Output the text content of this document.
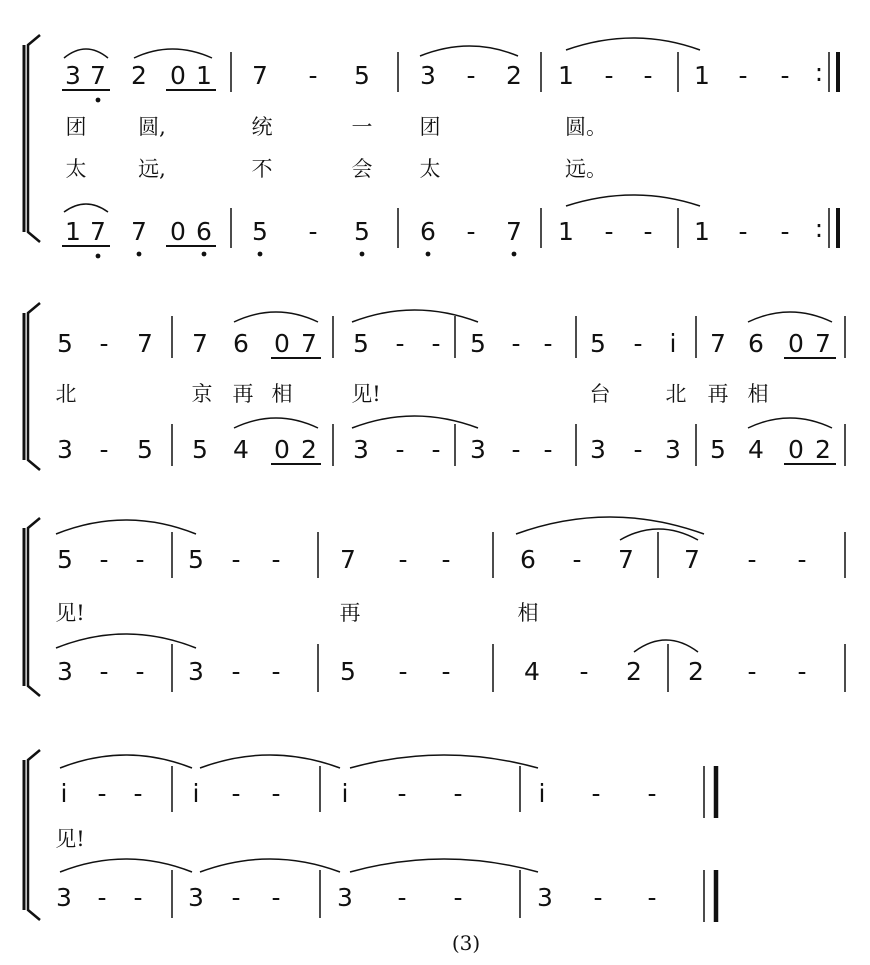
3 7 2 0 1 7 - 5 3 - 2 1 - - 1 - - :
团 圆,	统	一 团	圆。
太 远,	不	会 太	远。
1 7 7 0 6 5 - 5 6 - 7 1 - - 1 - - :
5 - 7 7 6 0 7 5 - - 5 - - 5 - i 7 6 0 7
北	京 再 相	见!	台	北 再 相
3 - 5 5 4 0 2 3 - - 3 - - 3 - 3 5 4 0 2
5 - - 5 - - 7 - -	6 - 7 7 - -
见!	再	相
3 - - 3 - - 5 - -	4 - 2 2 - -
i - - i - - i - -	i - -
见!
3 - - 3 - - 3 - -	3 - -
(3)
